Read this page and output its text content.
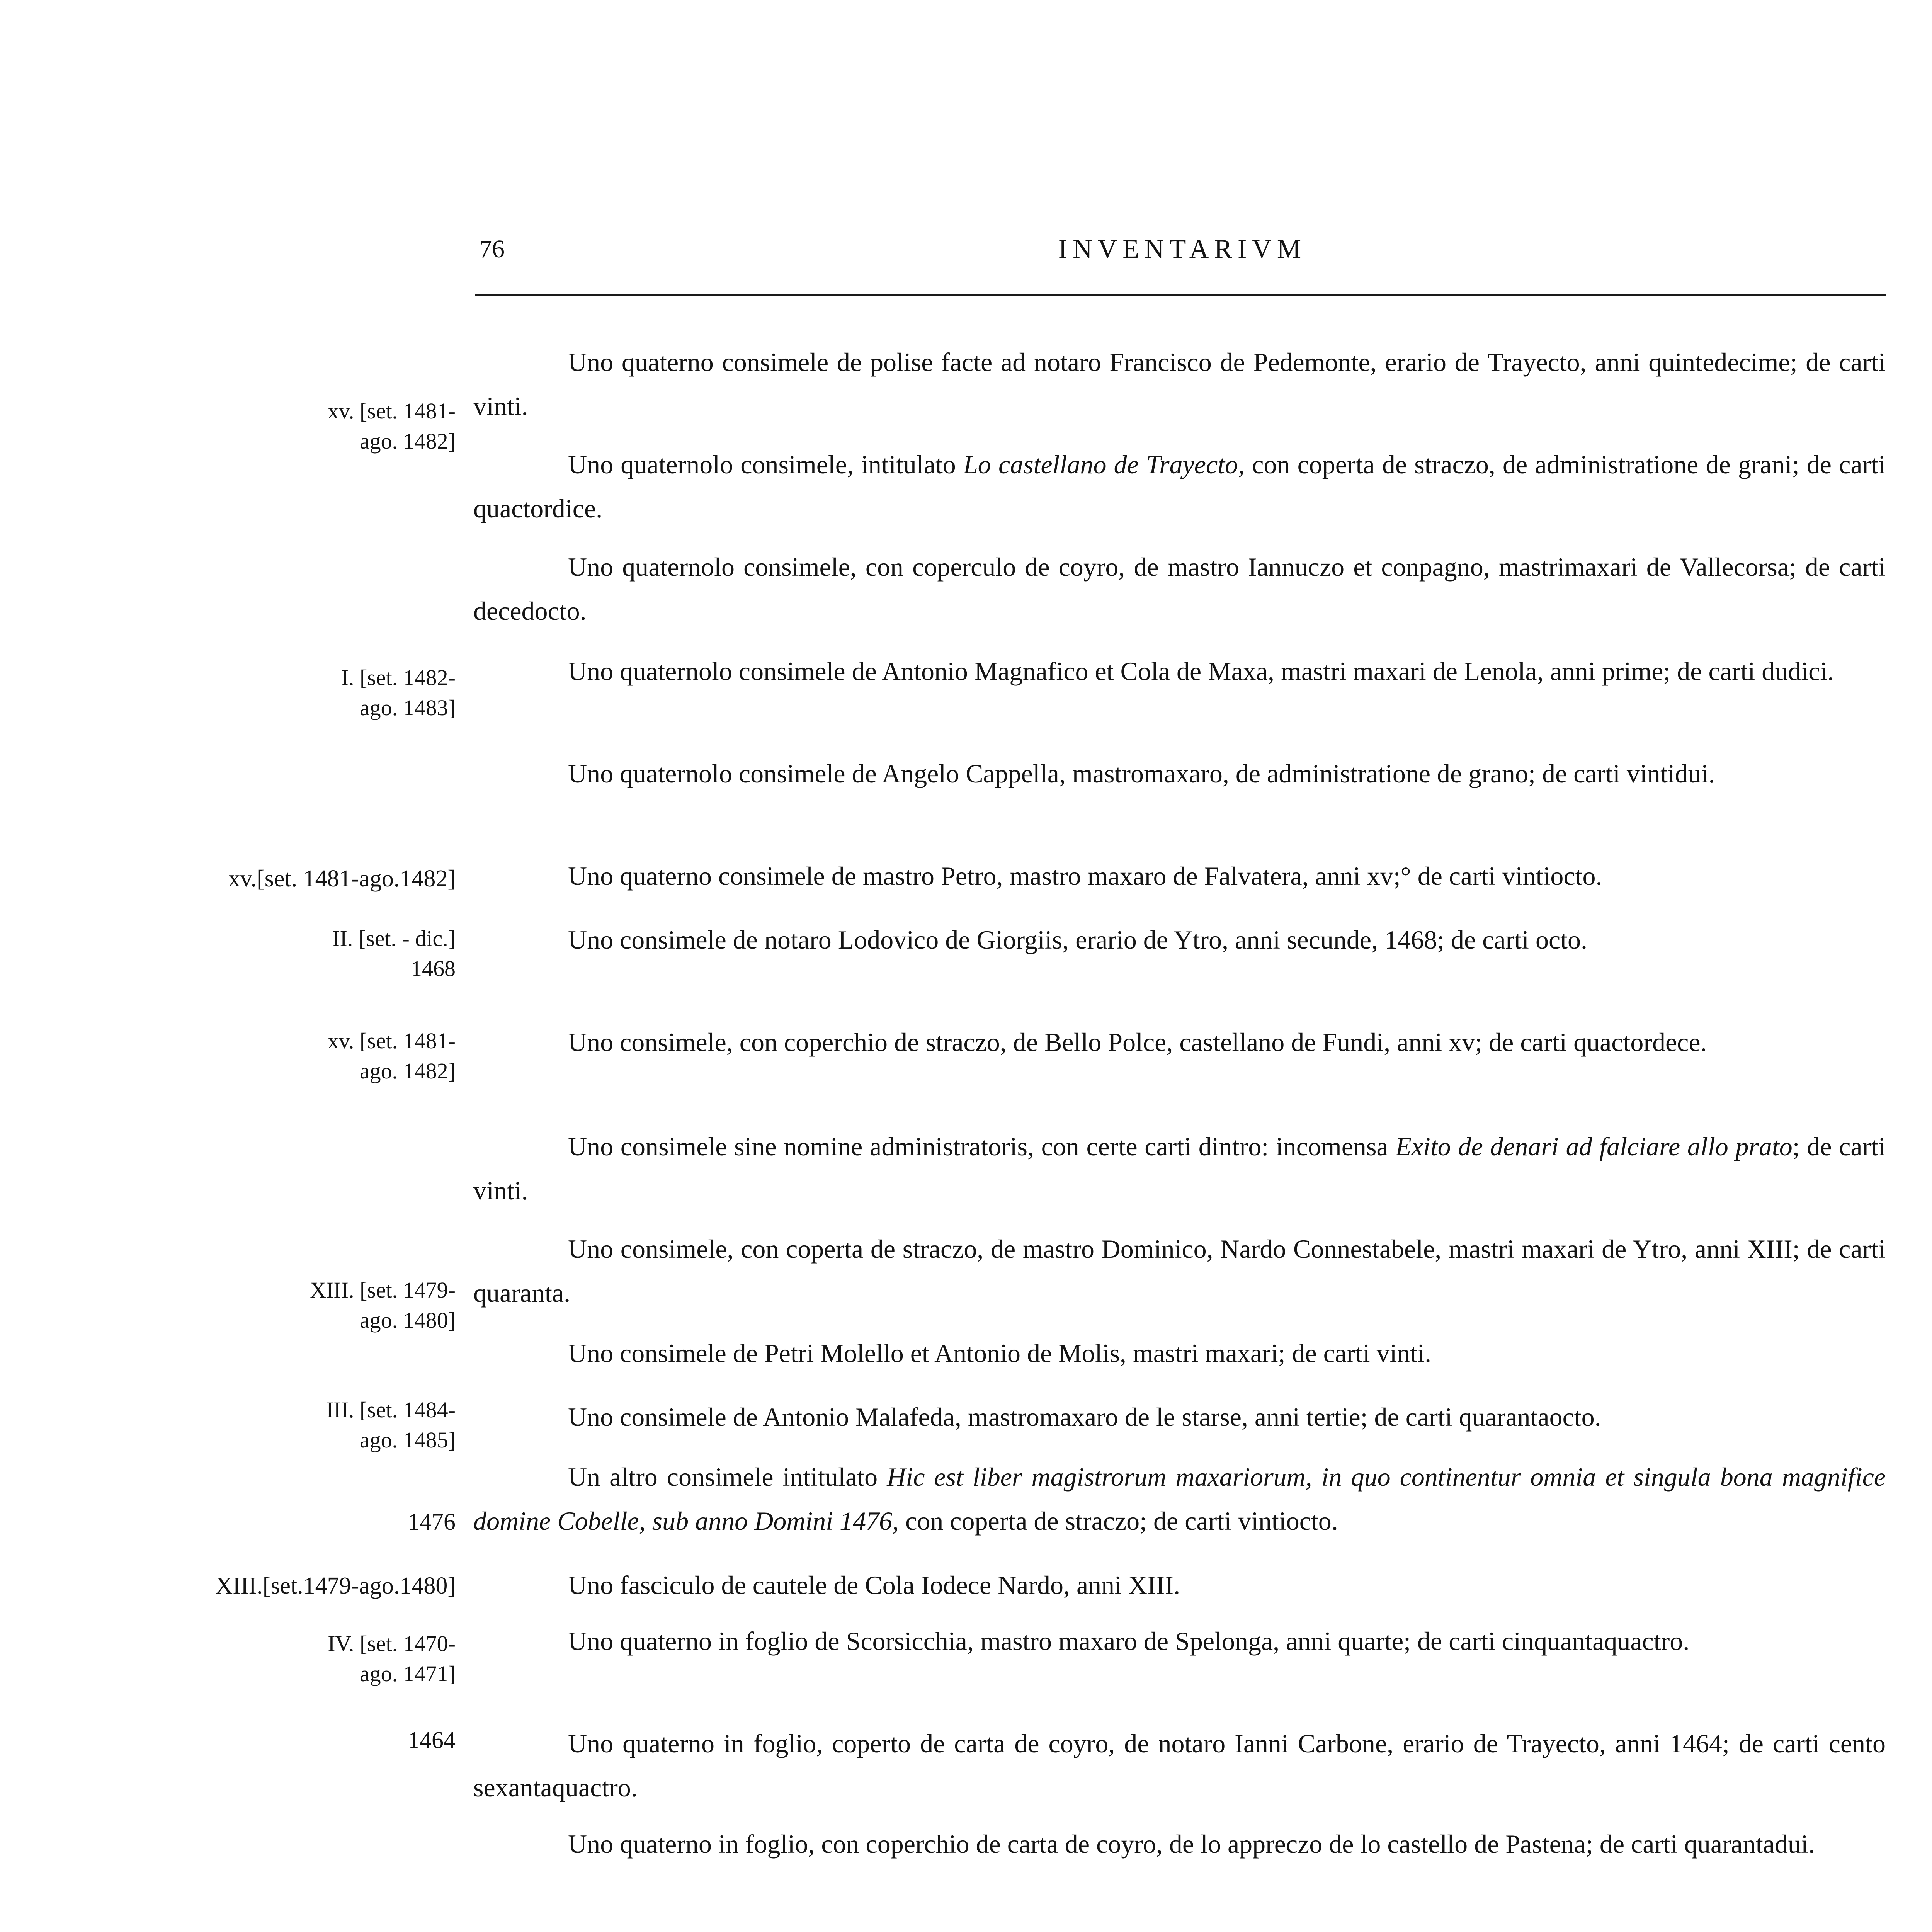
76	INVENTARIVM

Uno quaterno consimele de polise facte ad notaro Francisco de Pedemonte, erario de Trayecto, anni quintedecime; de carti vinti.

xv. [set. 1481-
ago. 1482]

Uno quaternolo consimele, intitulato Lo castellano de Trayecto, con coperta de straczo, de administratione de grani; de carti quactordice.

Uno quaternolo consimele, con coperculo de coyro, de mastro Iannuczo et conpagno, mastrimaxari de Vallecorsa; de carti decedocto.

Uno quaternolo consimele de Antonio Magnafico et Cola de Maxa, mastri maxari de Lenola, anni prime; de carti dudici.

I. [set. 1482-
ago. 1483]

Uno quaternolo consimele de Angelo Cappella, mastromaxaro, de administratione de grano; de carti vintidui.

Uno quaterno consimele de mastro Petro, mastro maxaro de Falvatera, anni xv;° de carti vintiocto.

xv.[set. 1481-ago.1482]

Uno consimele de notaro Lodovico de Giorgiis, erario de Ytro, anni secunde, 1468; de carti octo.

II. [set. - dic.]
1468

Uno consimele, con coperchio de straczo, de Bello Polce, castellano de Fundi, anni xv; de carti quactordece.

xv. [set. 1481-
ago. 1482]

Uno consimele sine nomine administratoris, con certe carti dintro: incomensa Exito de denari ad falciare allo prato; de carti vinti.

Uno consimele, con coperta de straczo, de mastro Dominico, Nardo Connestabele, mastri maxari de Ytro, anni XIII; de carti quaranta.

XIII. [set. 1479-
ago. 1480]

Uno consimele de Petri Molello et Antonio de Molis, mastri maxari; de carti vinti.

Uno consimele de Antonio Malafeda, mastromaxaro de le starse, anni tertie; de carti quarantaocto.

III. [set. 1484-
ago. 1485]

Un altro consimele intitulato Hic est liber magistrorum maxariorum, in quo continentur omnia et singula bona magnifice domine Cobelle, sub anno Domini 1476, con coperta de straczo; de carti vintiocto.

1476

Uno fasciculo de cautele de Cola Iodece Nardo, anni XIII.

XIII.[set.1479-ago.1480]

Uno quaterno in foglio de Scorsicchia, mastro maxaro de Spelonga, anni quarte; de carti cinquantaquactro.

IV. [set. 1470-
ago. 1471]

Uno quaterno in foglio, coperto de carta de coyro, de notaro Ianni Carbone, erario de Trayecto, anni 1464; de carti cento sexantaquactro.

1464

Uno quaterno in foglio, con coperchio de carta de coyro, de lo appreczo de lo castello de Pastena; de carti quarantadui.
